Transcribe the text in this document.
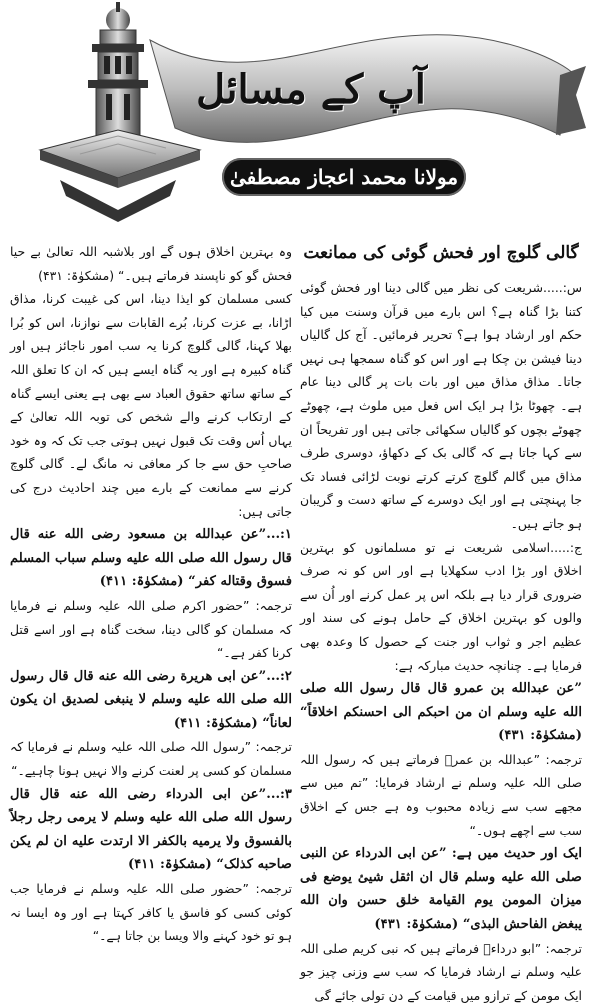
آپ کے مسائل
مولانا محمد اعجاز مصطفیٰ
گالی گلوچ اور فحش گوئی کی ممانعت

س:.....شریعت کی نظر میں گالی دینا اور فحش گوئی کتنا بڑا گناہ ہے؟ اس بارے میں قرآن وسنت میں کیا حکم اور ارشاد ہوا ہے؟ تحریر فرمائیں۔ آج کل گالیاں دینا فیشن بن چکا ہے اور اس کو گناہ سمجھا ہی نہیں جاتا۔ مذاق مذاق میں اور بات بات پر گالی دینا عام ہے۔ چھوٹا بڑا ہر ایک اس فعل میں ملوث ہے، چھوٹے چھوٹے بچوں کو گالیاں سکھائی جاتی ہیں اور تفریحاً ان سے کہا جاتا ہے کہ گالی بک کے دکھاؤ، دوسری طرف مذاق میں گالم گلوچ کرتے کرتے نوبت لڑائی فساد تک جا پہنچتی ہے اور ایک دوسرے کے ساتھ دست و گریبان ہو جاتے ہیں۔

ج:.....اسلامی شریعت نے تو مسلمانوں کو بہترین اخلاق اور بڑا ادب سکھلایا ہے اور اس کو نہ صرف ضروری قرار دیا ہے بلکہ اس پر عمل کرنے اور اُن سے والوں کو بہترین اخلاق کے حامل ہونے کی سند اور عظیم اجر و ثواب اور جنت کے حصول کا وعدہ بھی فرمایا ہے۔ چنانچہ حدیث مبارکہ ہے:

”عن عبدالله بن عمرو قال قال رسول الله صلی الله علیه وسلم ان من احبکم الی احسنکم اخلاقاً“ (مشکوٰۃ: ۴۳۱)

ترجمہ: ”عبداللہ بن عمرؓ فرماتے ہیں کہ رسول اللہ صلی اللہ علیہ وسلم نے ارشاد فرمایا: ”تم میں سے مجھے سب سے زیادہ محبوب وہ ہے جس کے اخلاق سب سے اچھے ہوں۔“

ایک اور حدیث میں ہے: ”عن ابی الدرداء عن النبی صلی الله علیه وسلم قال ان اثقل شیئ یوضع فی میزان المومن یوم القیامة خلق حسن وان الله یبغض الفاحش البذی“ (مشکوٰۃ: ۴۳۱)

ترجمہ: ”ابو درداءؓ فرماتے ہیں کہ نبی کریم صلی اللہ علیہ وسلم نے ارشاد فرمایا کہ سب سے وزنی چیز جو ایک مومن کے ترازو میں قیامت کے دن تولی جائے گی

وہ بہترین اخلاق ہوں گے اور بلاشبہ اللہ تعالیٰ بے حیا فحش گو کو ناپسند فرماتے ہیں۔“ (مشکوٰۃ: ۴۳۱)

کسی مسلمان کو ایذا دینا، اس کی غیبت کرنا، مذاق اڑانا، بے عزت کرنا، بُرے القابات سے نوازنا، اس کو بُرا بھلا کہنا، گالی گلوچ کرنا یہ سب امور ناجائز ہیں اور گناہ کبیرہ ہے اور یہ گناہ ایسے ہیں کہ ان کا تعلق اللہ کے ساتھ ساتھ حقوق العباد سے بھی ہے یعنی ایسے گناہ کے ارتکاب کرنے والے شخص کی توبہ اللہ تعالیٰ کے یہاں اُس وقت تک قبول نہیں ہوتی جب تک کہ وہ خود صاحبِ حق سے جا کر معافی نہ مانگ لے۔ گالی گلوچ کرنے سے ممانعت کے بارے میں چند احادیث درج کی جاتی ہیں:

۱:...”عن عبدالله بن مسعود رضی الله عنه قال قال رسول الله صلی الله علیه وسلم سباب المسلم فسوق وقتاله کفر“ (مشکوٰۃ: ۴۱۱)

ترجمہ: ”حضور اکرم صلی اللہ علیہ وسلم نے فرمایا کہ مسلمان کو گالی دینا، سخت گناہ ہے اور اسے قتل کرنا کفر ہے۔“

۲:...”عن ابی هریرة رضی الله عنه قال قال رسول الله صلی الله علیه وسلم لا ینبغی لصدیق ان یکون لعاناً“ (مشکوٰۃ: ۴۱۱)

ترجمہ: ”رسول اللہ صلی اللہ علیہ وسلم نے فرمایا کہ مسلمان کو کسی پر لعنت کرنے والا نہیں ہونا چاہیے۔“

۳:...”عن ابی الدرداء رضی الله عنه قال قال رسول الله صلی الله علیه وسلم لا یرمی رجل رجلاً بالفسوق ولا یرمیه بالکفر الا ارتدت علیه ان لم یکن صاحبه کذلک“ (مشکوٰۃ: ۴۱۱)

ترجمہ: ”حضور صلی اللہ علیہ وسلم نے فرمایا جب کوئی کسی کو فاسق یا کافر کہتا ہے اور وہ ایسا نہ ہو تو خود کہنے والا ویسا بن جاتا ہے۔“
